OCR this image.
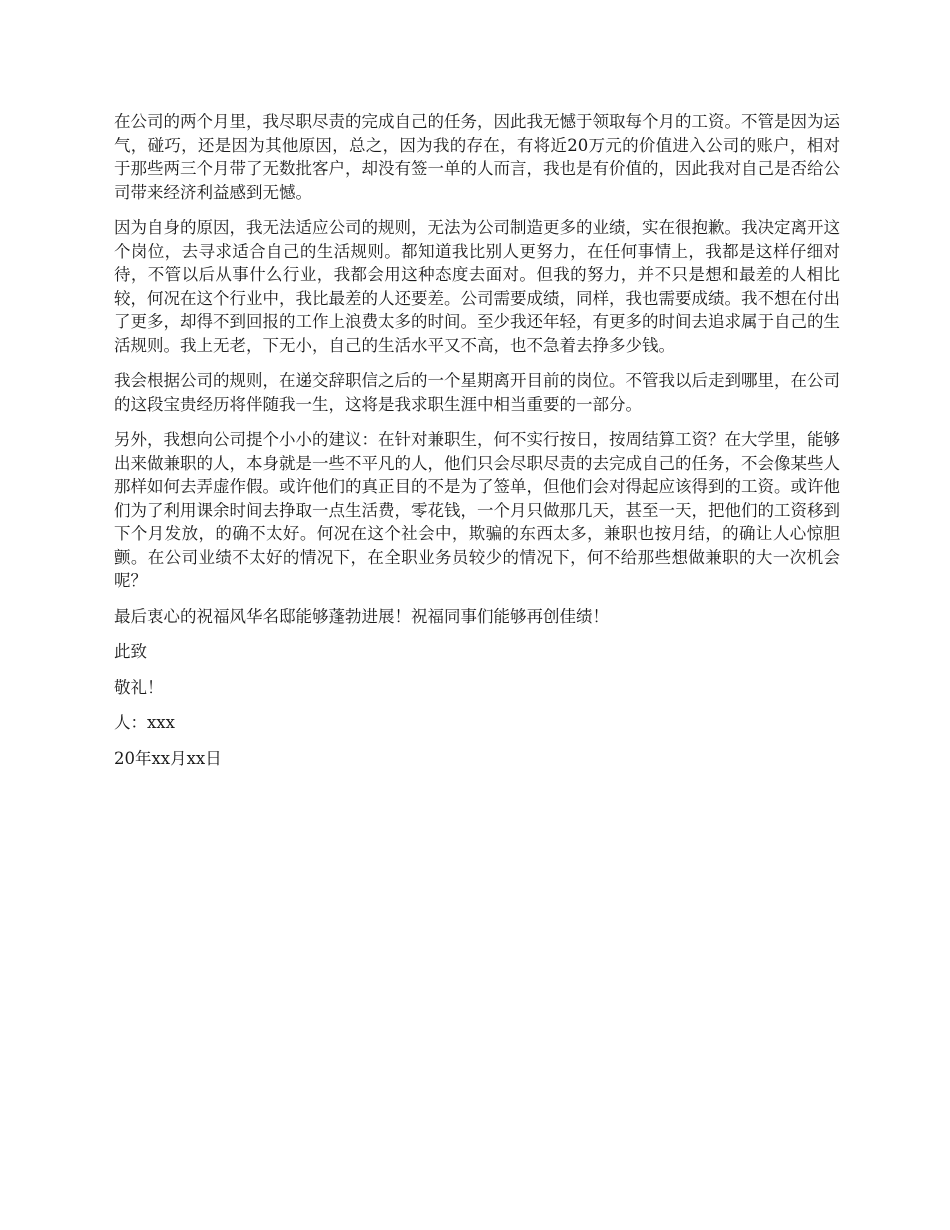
在公司的两个月里，我尽职尽责的完成自己的任务，因此我无憾于领取每个月的工资。不管是因为运气，碰巧，还是因为其他原因，总之，因为我的存在，有将近20万元的价值进入公司的账户，相对于那些两三个月带了无数批客户，却没有签一单的人而言，我也是有价值的，因此我对自己是否给公司带来经济利益感到无憾。

因为自身的原因，我无法适应公司的规则，无法为公司制造更多的业绩，实在很抱歉。我决定离开这个岗位，去寻求适合自己的生活规则。都知道我比别人更努力，在任何事情上，我都是这样仔细对待，不管以后从事什么行业，我都会用这种态度去面对。但我的努力，并不只是想和最差的人相比较，何况在这个行业中，我比最差的人还要差。公司需要成绩，同样，我也需要成绩。我不想在付出了更多，却得不到回报的工作上浪费太多的时间。至少我还年轻，有更多的时间去追求属于自己的生活规则。我上无老，下无小，自己的生活水平又不高，也不急着去挣多少钱。

我会根据公司的规则，在递交辞职信之后的一个星期离开目前的岗位。不管我以后走到哪里，在公司的这段宝贵经历将伴随我一生，这将是我求职生涯中相当重要的一部分。

另外，我想向公司提个小小的建议：在针对兼职生，何不实行按日，按周结算工资？在大学里，能够出来做兼职的人，本身就是一些不平凡的人，他们只会尽职尽责的去完成自己的任务，不会像某些人那样如何去弄虚作假。或许他们的真正目的不是为了签单，但他们会对得起应该得到的工资。或许他们为了利用课余时间去挣取一点生活费，零花钱，一个月只做那几天，甚至一天，把他们的工资移到下个月发放，的确不太好。何况在这个社会中，欺骗的东西太多，兼职也按月结，的确让人心惊胆颤。在公司业绩不太好的情况下，在全职业务员较少的情况下，何不给那些想做兼职的大一次机会呢？

最后衷心的祝福风华名邸能够蓬勃进展！祝福同事们能够再创佳绩！

此致

敬礼！

人：xxx

20年xx月xx日
